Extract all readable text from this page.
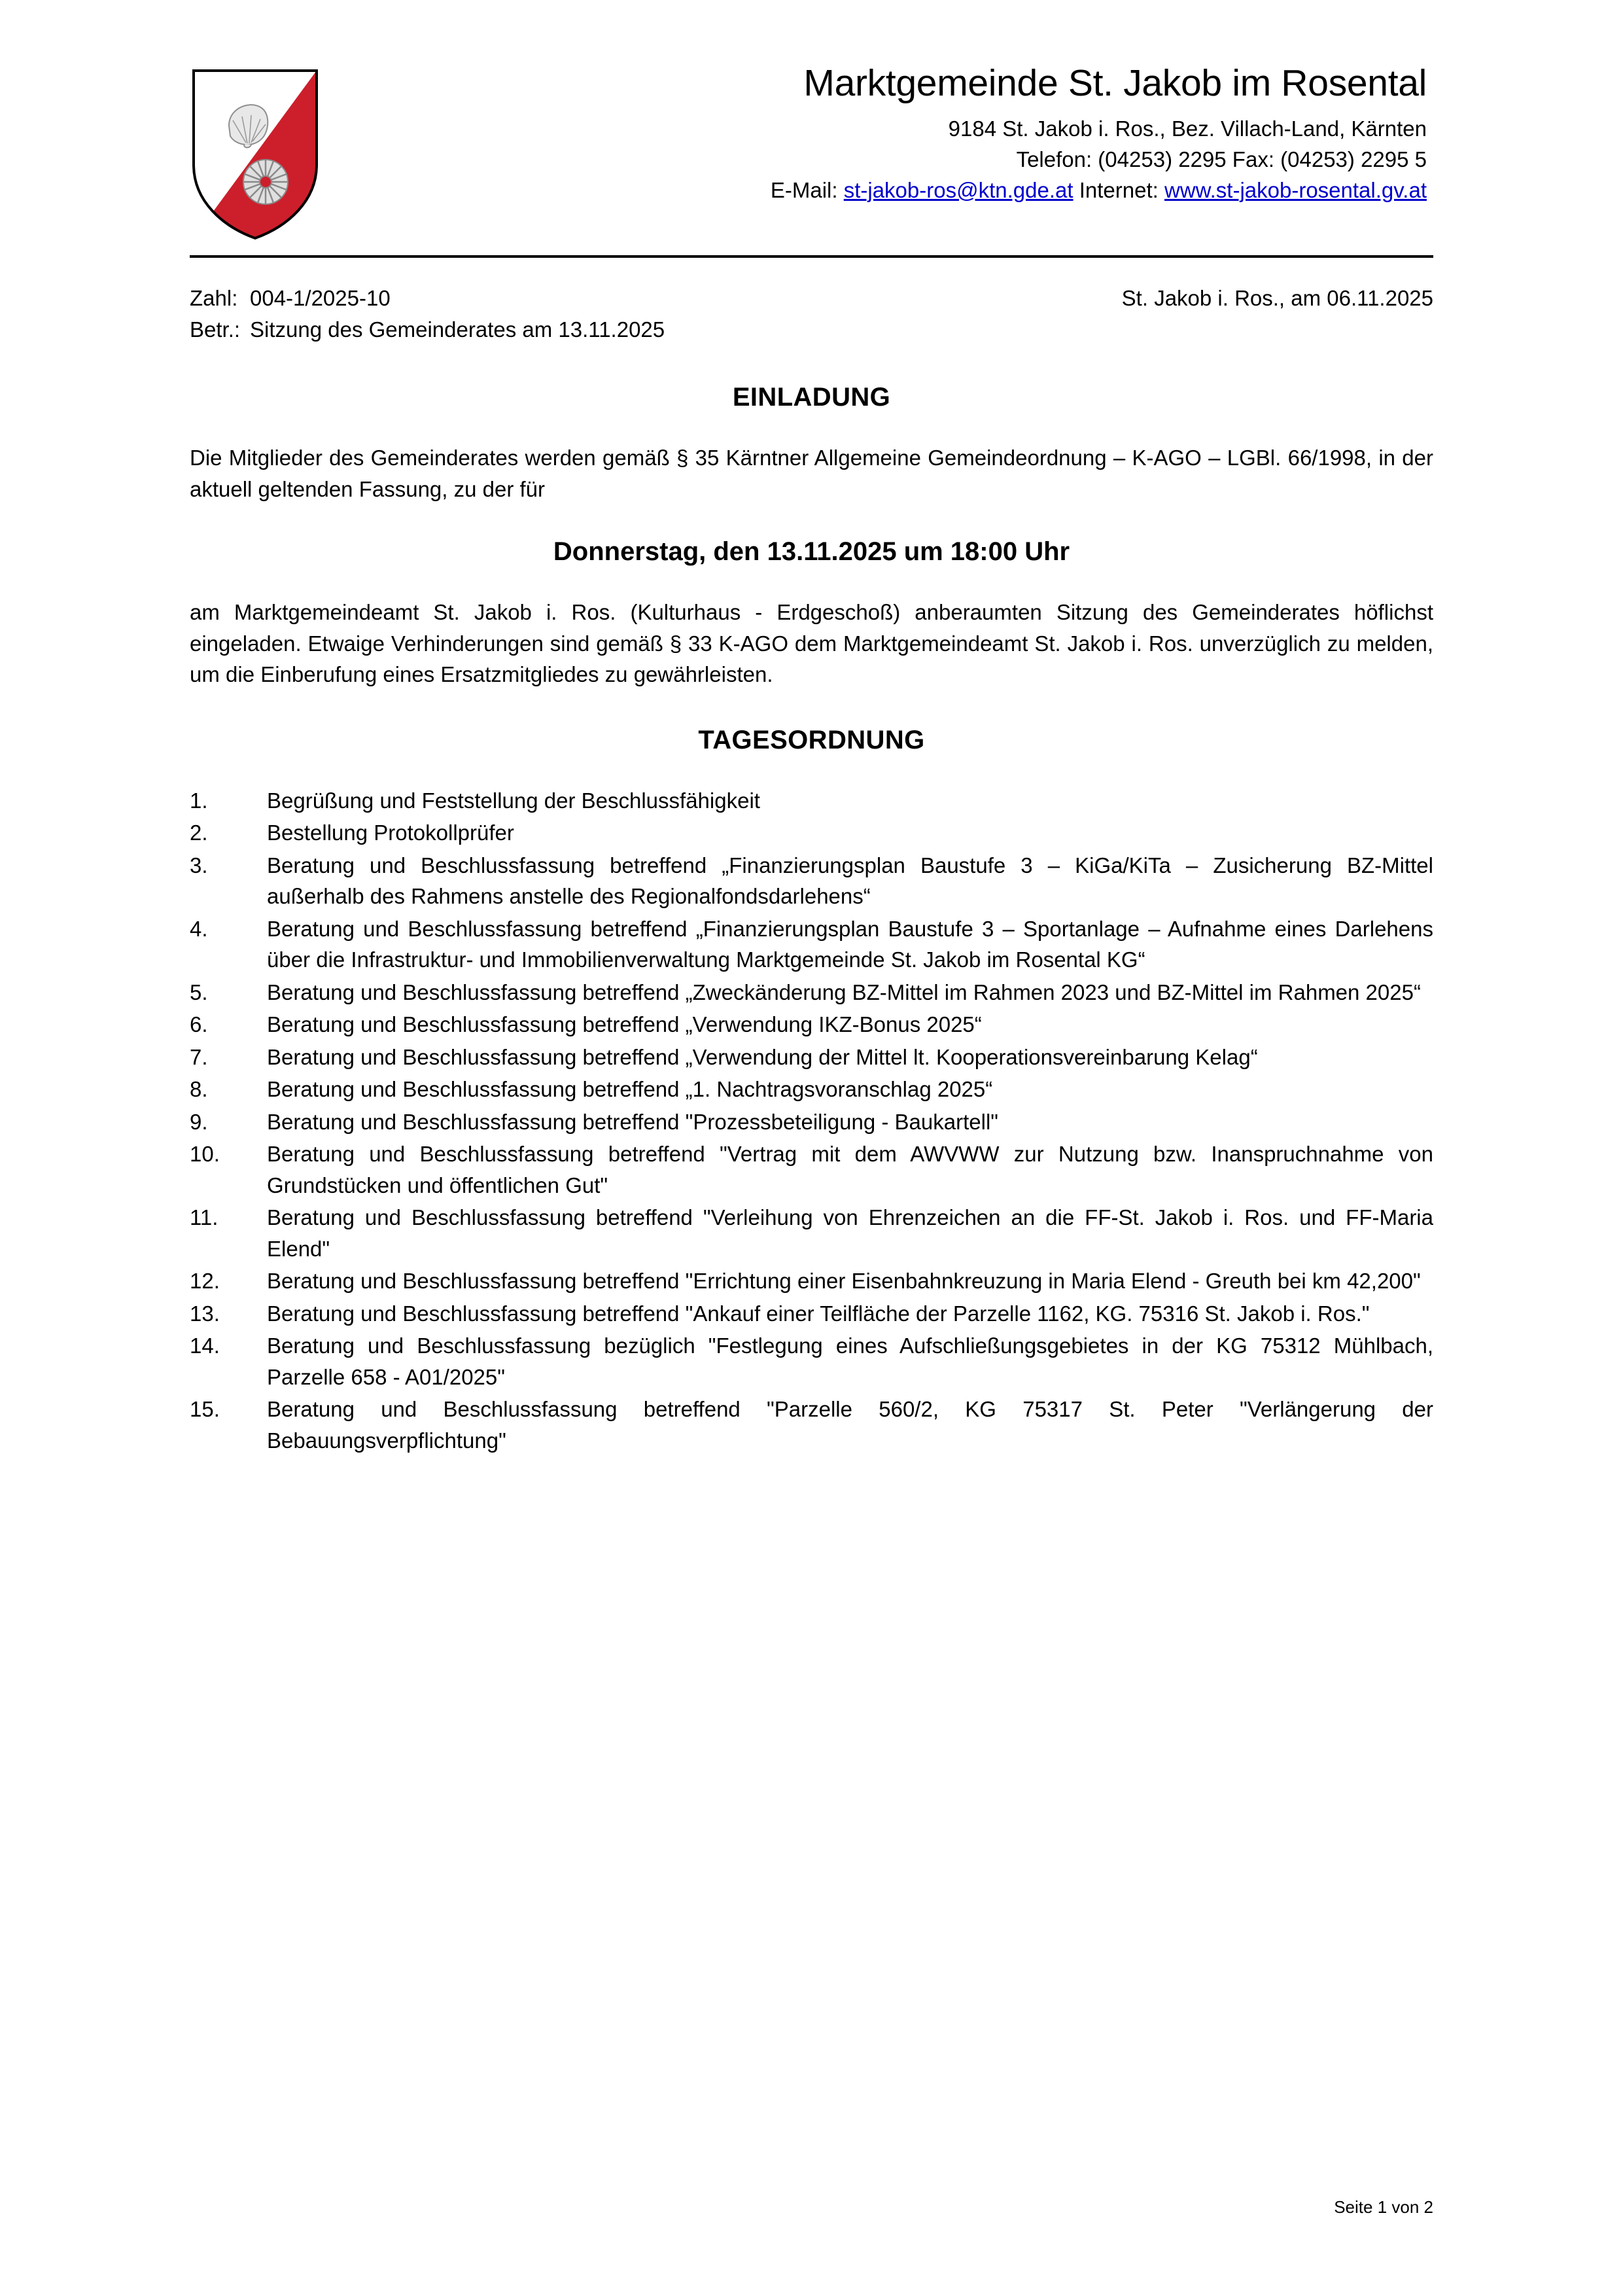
Marktgemeinde St. Jakob im Rosental
9184 St. Jakob i. Ros., Bez. Villach-Land, Kärnten
Telefon: (04253) 2295 Fax: (04253) 2295 5
E-Mail: st-jakob-ros@ktn.gde.at Internet: www.st-jakob-rosental.gv.at
Zahl: 004-1/2025-10	St. Jakob i. Ros., am 06.11.2025
Betr.: Sitzung des Gemeinderates am 13.11.2025
EINLADUNG

Die Mitglieder des Gemeinderates werden gemäß § 35 Kärntner Allgemeine Gemeindeordnung – K-AGO – LGBl. 66/1998, in der aktuell geltenden Fassung, zu der für

Donnerstag, den 13.11.2025 um 18:00 Uhr

am Marktgemeindeamt St. Jakob i. Ros. (Kulturhaus - Erdgeschoß) anberaumten Sitzung des Gemeinderates höflichst eingeladen. Etwaige Verhinderungen sind gemäß § 33 K-AGO dem Marktgemeindeamt St. Jakob i. Ros. unverzüglich zu melden, um die Einberufung eines Ersatzmitgliedes zu gewährleisten.

TAGESORDNUNG
1.	Begrüßung und Feststellung der Beschlussfähigkeit
2.	Bestellung Protokollprüfer
3.	Beratung und Beschlussfassung betreffend „Finanzierungsplan Baustufe 3 – KiGa/KiTa – Zusicherung BZ-Mittel außerhalb des Rahmens anstelle des Regionalfondsdarlehens“
4.	Beratung und Beschlussfassung betreffend „Finanzierungsplan Baustufe 3 – Sportanlage – Aufnahme eines Darlehens über die Infrastruktur- und Immobilienverwaltung Marktgemeinde St. Jakob im Rosental KG“
5.	Beratung und Beschlussfassung betreffend „Zweckänderung BZ-Mittel im Rahmen 2023 und BZ-Mittel im Rahmen 2025“
6.	Beratung und Beschlussfassung betreffend „Verwendung IKZ-Bonus 2025“
7.	Beratung und Beschlussfassung betreffend „Verwendung der Mittel lt. Kooperationsvereinbarung Kelag“
8.	Beratung und Beschlussfassung betreffend „1. Nachtragsvoranschlag 2025“
9.	Beratung und Beschlussfassung betreffend "Prozessbeteiligung - Baukartell"
10.	Beratung und Beschlussfassung betreffend "Vertrag mit dem AWVWW zur Nutzung bzw. Inanspruchnahme von Grundstücken und öffentlichen Gut"
11.	Beratung und Beschlussfassung betreffend "Verleihung von Ehrenzeichen an die FF-St. Jakob i. Ros. und FF-Maria Elend"
12.	Beratung und Beschlussfassung betreffend "Errichtung einer Eisenbahnkreuzung in Maria Elend - Greuth bei km 42,200"
13.	Beratung und Beschlussfassung betreffend "Ankauf einer Teilfläche der Parzelle 1162, KG. 75316 St. Jakob i. Ros."
14.	Beratung und Beschlussfassung bezüglich "Festlegung eines Aufschließungsgebietes in der KG 75312 Mühlbach, Parzelle 658 - A01/2025"
15.	Beratung und Beschlussfassung betreffend "Parzelle 560/2, KG 75317 St. Peter "Verlängerung der Bebauungsverpflichtung"
Seite 1 von 2
